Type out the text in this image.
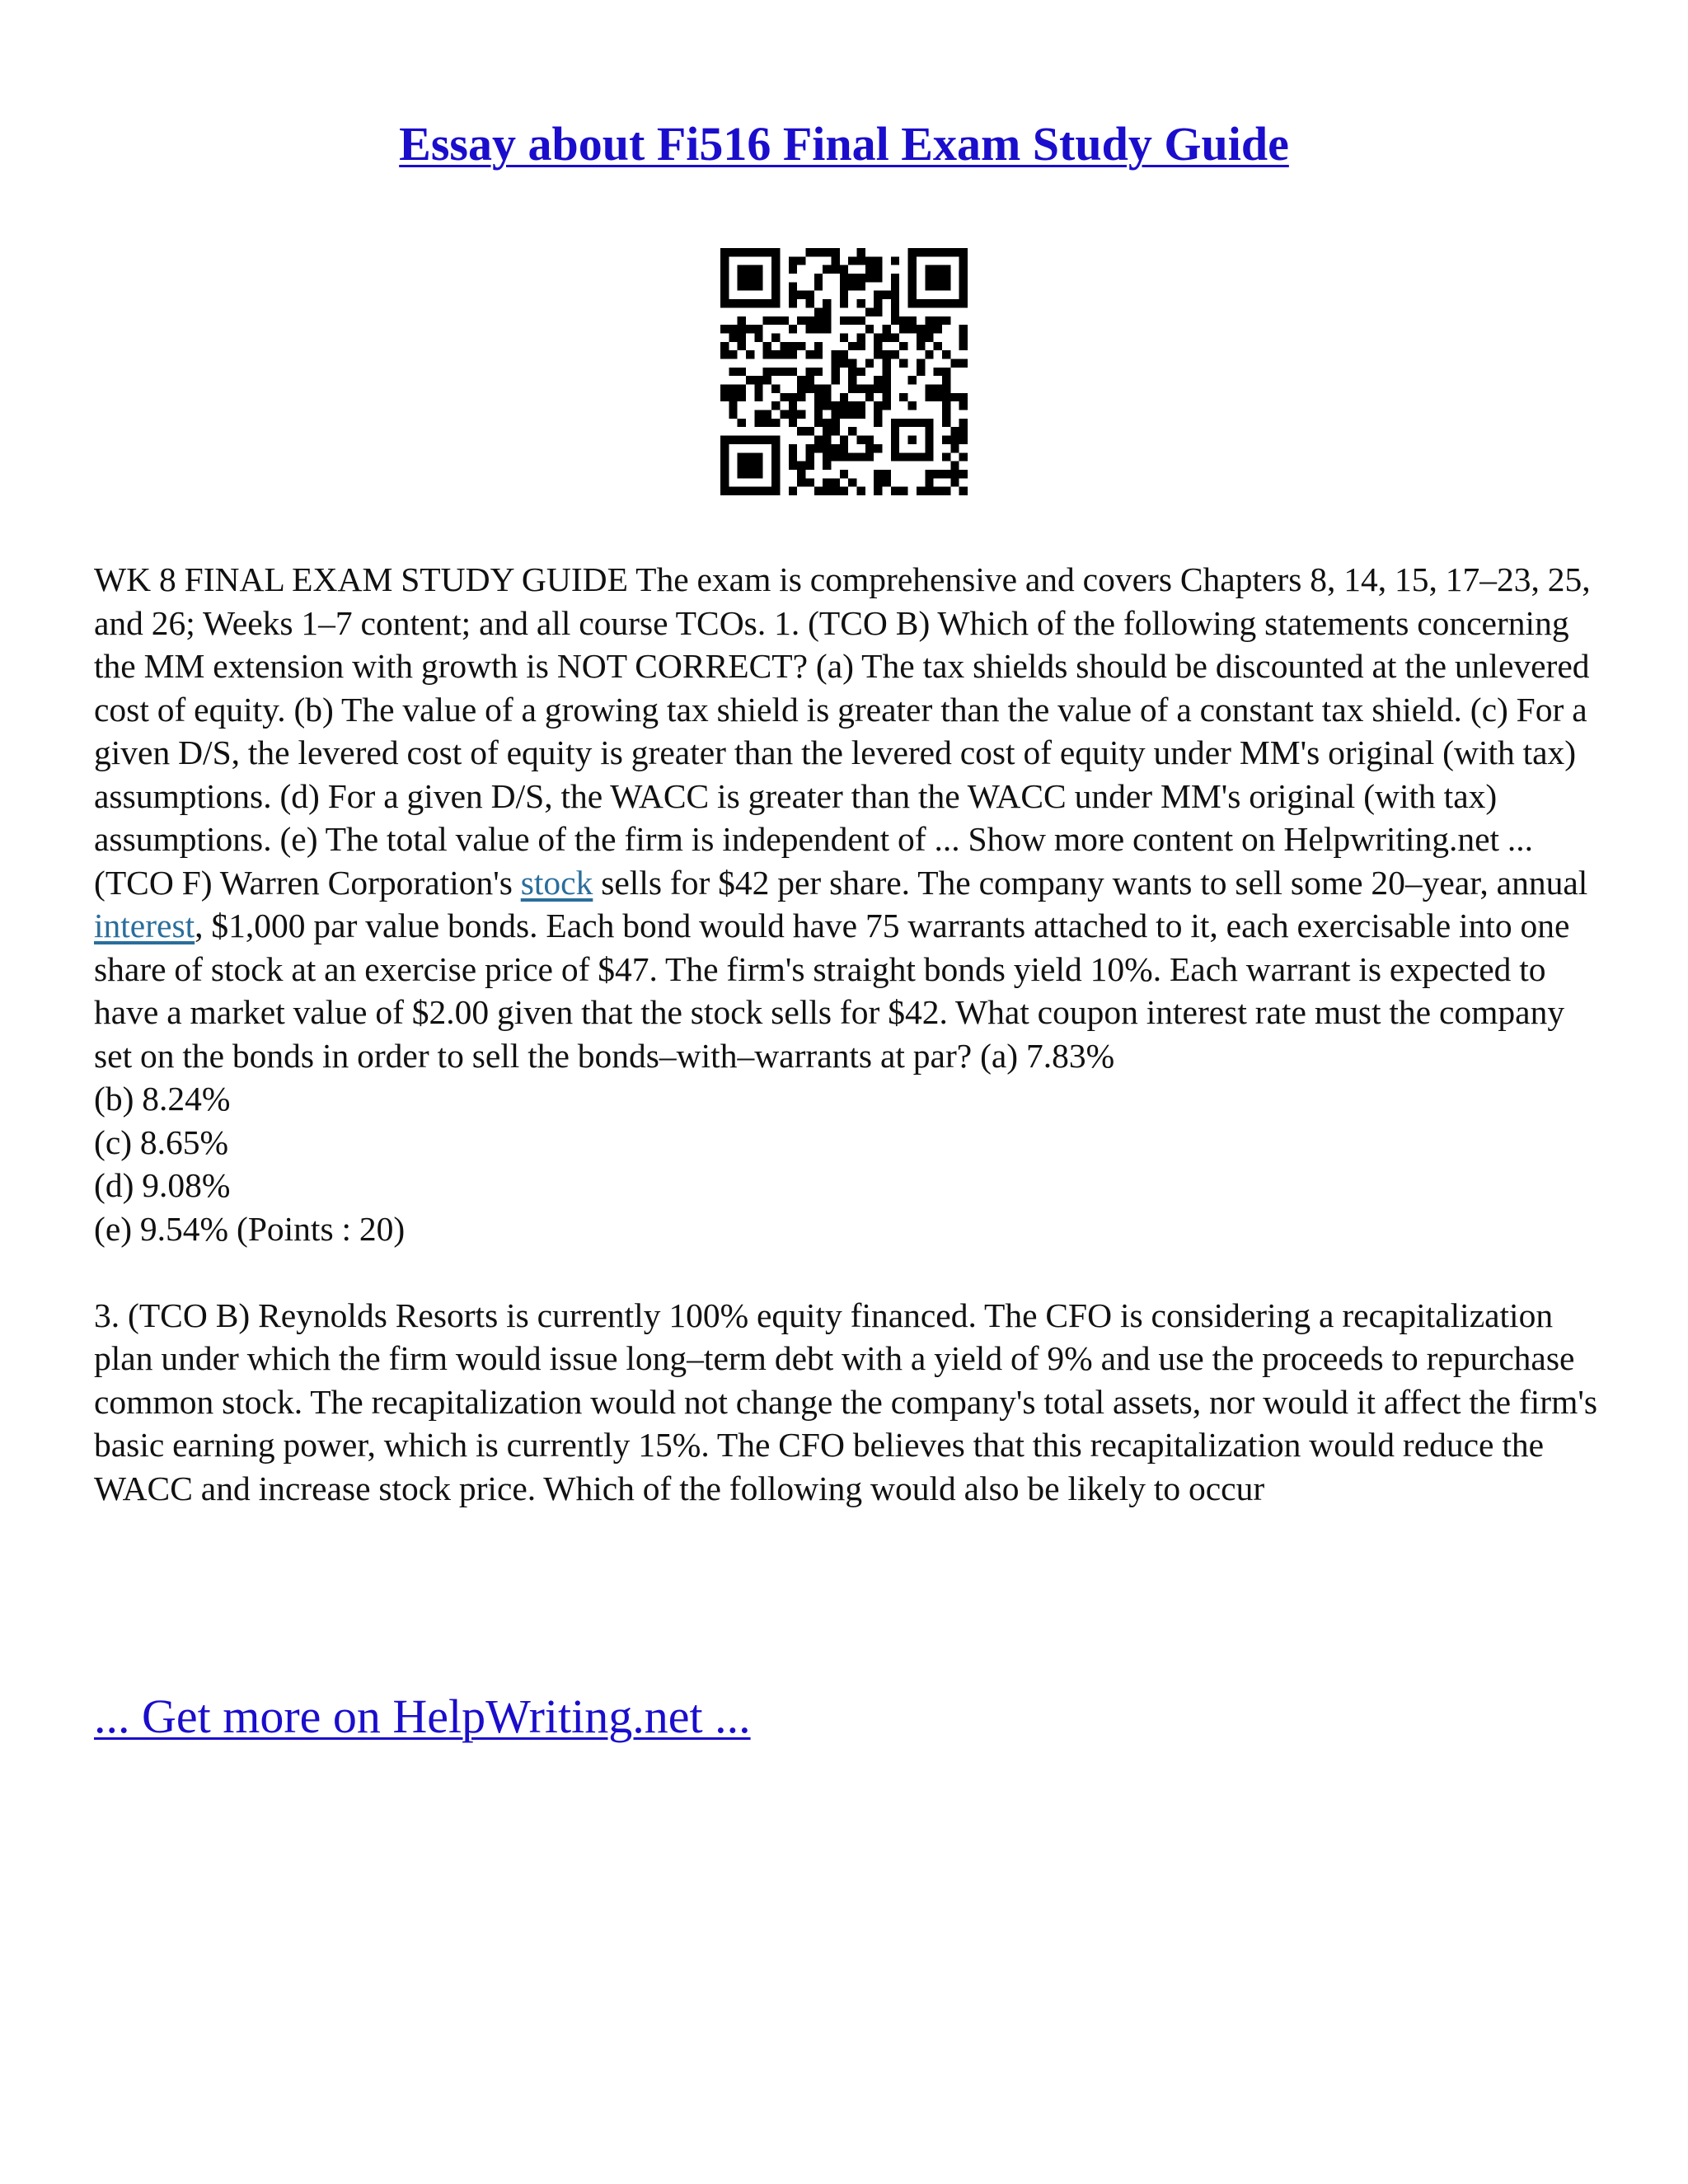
Essay about Fi516 Final Exam Study Guide

WK 8 FINAL EXAM STUDY GUIDE The exam is comprehensive and covers Chapters 8, 14, 15, 17–23, 25, and 26; Weeks 1–7 content; and all course TCOs. 1. (TCO B) Which of the following statements concerning the MM extension with growth is NOT CORRECT? (a) The tax shields should be discounted at the unlevered cost of equity. (b) The value of a growing tax shield is greater than the value of a constant tax shield. (c) For a given D/S, the levered cost of equity is greater than the levered cost of equity under MM's original (with tax) assumptions. (d) For a given D/S, the WACC is greater than the WACC under MM's original (with tax) assumptions. (e) The total value of the firm is independent of ... Show more content on Helpwriting.net ...

(TCO F) Warren Corporation's stock sells for $42 per share. The company wants to sell some 20–year, annual interest, $1,000 par value bonds. Each bond would have 75 warrants attached to it, each exercisable into one share of stock at an exercise price of $47. The firm's straight bonds yield 10%. Each warrant is expected to have a market value of $2.00 given that the stock sells for $42. What coupon interest rate must the company set on the bonds in order to sell the bonds–with–warrants at par? (a) 7.83%

(b) 8.24%

(c) 8.65%

(d) 9.08%

(e) 9.54% (Points : 20)

3. (TCO B) Reynolds Resorts is currently 100% equity financed. The CFO is considering a recapitalization plan under which the firm would issue long–term debt with a yield of 9% and use the proceeds to repurchase common stock. The recapitalization would not change the company's total assets, nor would it affect the firm's basic earning power, which is currently 15%. The CFO believes that this recapitalization would reduce the WACC and increase stock price. Which of the following would also be likely to occur

... Get more on HelpWriting.net ...
